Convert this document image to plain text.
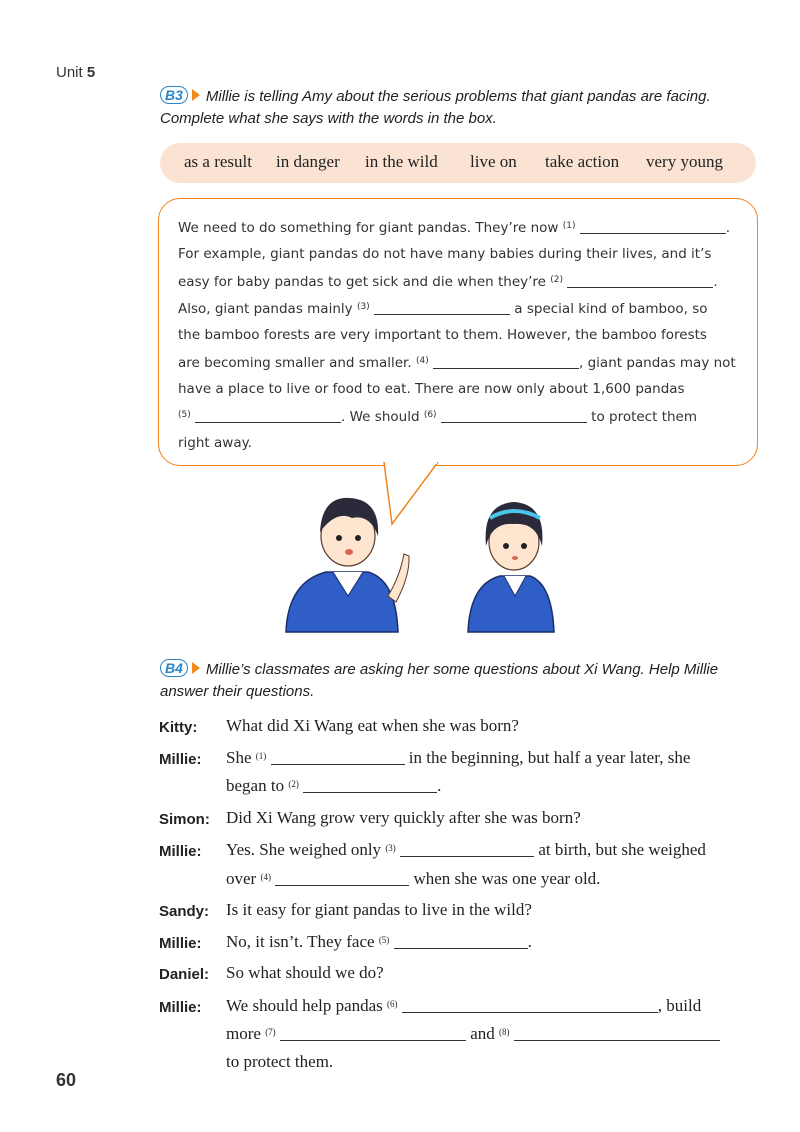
Unit 5
B3 Millie is telling Amy about the serious problems that giant pandas are facing.
Complete what she says with the words in the box.
as a result in danger in the wild live on take action very young
We need to do something for giant pandas. They’re now $^{(1)}$	.
For example, giant pandas do not have many babies during their lives, and it’s
easy for baby pandas to get sick and die when they’re $^{(2)}$	.
Also, giant pandas mainly $^{(3)}$	a special kind of bamboo, so
the bamboo forests are very important to them. However, the bamboo forests
are becoming smaller and smaller. $^{(4)}$	, giant pandas may not
have a place to live or food to eat. There are now only about 1,600 pandas
$^{(5)}$	. We should $^{(6)}$	to protect them
right away.
B4 Millie’s classmates are asking her some questions about Xi Wang. Help Millie
answer their questions.
Kitty: What did Xi Wang eat when she was born?
Millie: She $^{(1)}$	in the beginning, but half a year later, she
began to $^{(2)}$	.
Simon: Did Xi Wang grow very quickly after she was born?
Millie: Yes. She weighed only $^{(3)}$	at birth, but she weighed
over $^{(4)}$	when she was one year old.
Sandy: Is it easy for giant pandas to live in the wild?
Millie: No, it isn’t. They face $^{(5)}$	.
Daniel: So what should we do?
Millie: We should help pandas $^{(6)}$	, build
more $^{(7)}$	and $^{(8)}$
to protect them.
60
